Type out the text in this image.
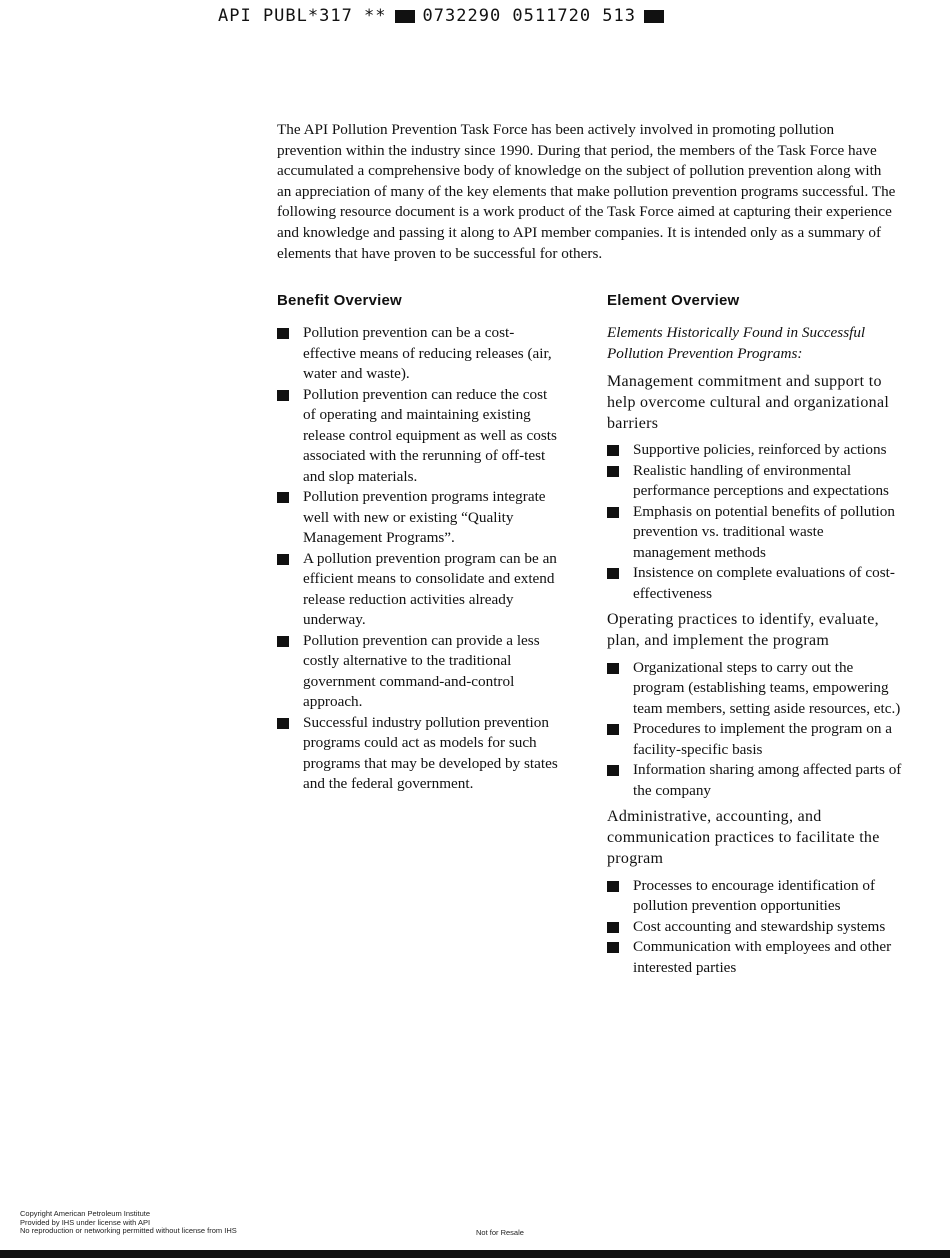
API PUBL*317 ** 0732290 0511720 513

The API Pollution Prevention Task Force has been actively involved in promoting pollution prevention within the industry since 1990. During that period, the members of the Task Force have accumulated a comprehensive body of knowledge on the subject of pollution prevention along with an appreciation of many of the key elements that make pollution prevention programs successful. The following resource document is a work product of the Task Force aimed at capturing their experience and knowledge and passing it along to API member companies. It is intended only as a summary of elements that have proven to be successful for others.

Benefit Overview
Pollution prevention can be a cost-effective means of reducing releases (air, water and waste).
Pollution prevention can reduce the cost of operating and maintaining existing release control equipment as well as costs associated with the rerunning of off-test and slop materials.
Pollution prevention programs integrate well with new or existing “Quality Management Programs”.
A pollution prevention program can be an efficient means to consolidate and extend release reduction activities already underway.
Pollution prevention can provide a less costly alternative to the traditional government command-and-control approach.
Successful industry pollution prevention programs could act as models for such programs that may be developed by states and the federal government.
Element Overview

Elements Historically Found in Successful Pollution Prevention Programs:

Management commitment and support to help overcome cultural and organizational barriers
Supportive policies, reinforced by actions
Realistic handling of environmental performance perceptions and expectations
Emphasis on potential benefits of pollution prevention vs. traditional waste management methods
Insistence on complete evaluations of cost-effectiveness
Operating practices to identify, evaluate, plan, and implement the program
Organizational steps to carry out the program (establishing teams, empowering team members, setting aside resources, etc.)
Procedures to implement the program on a facility-specific basis
Information sharing among affected parts of the company
Administrative, accounting, and communication practices to facilitate the program
Processes to encourage identification of pollution prevention opportunities
Cost accounting and stewardship systems
Communication with employees and other interested parties
Copyright American Petroleum Institute
Provided by IHS under license with API
No reproduction or networking permitted without license from IHS	Not for Resale
